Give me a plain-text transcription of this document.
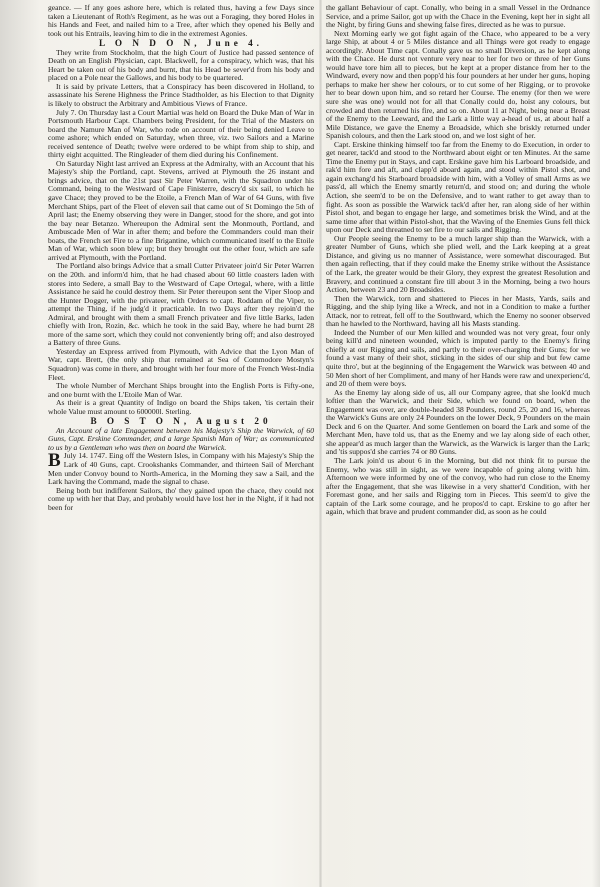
geance. — If any goes ashore here, which is related thus, having a few Days since taken a Lieutenant of Roth's Regiment, as he was out a Foraging, they bored Holes in his Hands and Feet, and nailed him to a Tree, after which they opened his Belly and took out his Entrails, leaving him to die in the extremest Agonies.

L O N D O N, June 4.

They write from Stockholm, that the high Court of Justice had passed sentence of Death on an English Physician, capt. Blackwell, for a conspiracy, which was, that his Heart be taken out of his body and burnt, that his Head be sever'd from his body and placed on a Pole near the Gallows, and his body to be quartered.

It is said by private Letters, that a Conspiracy has been discovered in Holland, to assassinate his Serene Highness the Prince Stadtholder, as his Election to that Dignity is likely to obstruct the Arbitrary and Ambitious Views of France.

July 7. On Thursday last a Court Martial was held on Board the Duke Man of War in Portsmouth Harbour Capt. Chambers being President, for the Trial of the Masters on board the Namure Man of War, who rode on account of their being denied Leave to come ashore; which ended on Saturday, when three, viz. two Sailors and a Marine received sentence of Death; twelve were ordered to be whipt from ship to ship, and thirty eight acquitted. The Ringleader of them died during his Confinement.

On Saturday Night last arrived an Express at the Admiralty, with an Account that his Majesty's ship the Portland, capt. Stevens, arrived at Plymouth the 26 instant and brings advice, that on the 21st past Sir Peter Warren, with the Squadron under his Command, being to the Westward of Cape Finisterre, descry'd six sail, to which he gave Chace; they proved to be the Etoile, a French Man of War of 64 Guns, with five Merchant Ships, part of the Fleet of eleven sail that came out of St Domingo the 5th of April last; the Enemy observing they were in Danger, stood for the shore, and got into the bay near Betanzo. Whereupon the Admiral sent the Monmouth, Portland, and Ambuscade Men of War in after them; and before the Commanders could man their boats, the French set Fire to a fine Brigantine, which communicated itself to the Etoile Man of War, which soon blew up; but they brought out the other four, which are safe arrived at Plymouth, with the Portland.

The Portland also brings Advice that a small Cutter Privateer join'd Sir Peter Warren on the 20th. and inform'd him, that he had chased about 60 little coasters laden with stores into Sedere, a small Bay to the Westward of Cape Ortegal, where, with a little Assistance he said he could destroy them. Sir Peter thereupon sent the Viper Sloop and the Hunter Dogger, with the privateer, with Orders to capt. Roddam of the Viper, to attempt the Thing, if he judg'd it practicable. In two Days after they rejoin'd the Admiral, and brought with them a small French privateer and five little Barks, laden chiefly with Iron, Rozin, &c. which he took in the said Bay, where he had burnt 28 more of the same sort, which they could not conveniently bring off; and also destroyed a Battery of three Guns.

Yesterday an Express arrived from Plymouth, with Advice that the Lyon Man of War, capt. Brett, (the only ship that remained at Sea of Commodore Mostyn's Squadron) was come in there, and brought with her four more of the French West-India Fleet.

The whole Number of Merchant Ships brought into the English Ports is Fifty-one, and one burnt with the L'Etoile Man of War.

As their is a great Quantity of Indigo on board the Ships taken, 'tis certain their whole Value must amount to 600000l. Sterling.

B O S T O N, August 20

An Account of a late Engagement between his Majesty's Ship the Warwick, of 60 Guns, Capt. Erskine Commander, and a large Spanish Man of War; as communicated to us by a Gentleman who was then on board the Warwick.

B July 14. 1747. Eing off the Western Isles, in Company with his Majesty's Ship the Lark of 40 Guns, capt. Crookshanks Commander, and thirteen Sail of Merchant Men under Convoy bound to North-America, in the Morning they saw a Sail, and the Lark having the Command, made the signal to chase.

Being both but indifferent Sailors, tho' they gained upon the chace, they could not come up with her that Day, and probably would have lost her in the Night, if it had not been for

the gallant Behaviour of capt. Conally, who being in a small Vessel in the Ordnance Service, and a prime Sailor, got up with the Chace in the Evening, kept her in sight all the Night, by firing Guns and shewing false fires, directed as he was to pursue.

Next Morning early we got fight again of the Chace, who appeared to be a very large Ship, at about 4 or 5 Miles distance and all Things were got ready to engage accordingly. About Time capt. Conally gave us no small Diversion, as he kept along with the Chace. He durst not venture very near to her for two or three of her Guns would have tore him all to pieces, but he kept at a proper distance from her to the Windward, every now and then popp'd his four pounders at her under her guns, hoping perhaps to make her shew her colours, or to cut some of her Rigging, or to provoke her to bear down upon him, and so retard her Course. The enemy (for then we were sure she was one) would not for all that Conally could do, hoist any colours, but crowded and then returned his fire, and so on. About 11 at Night, being near a Breast of the Enemy to the Leeward, and the Lark a little way a-head of us, at about half a Mile Distance, we gave the Enemy a Broadside, which she briskly returned under Spanish colours, and then the Lark stood on, and we lost sight of her.

Capt. Erskine thinking himself too far from the Enemy to do Execution, in order to get nearer, tack'd and stood to the Northward about eight or ten Minutes. At the same Time the Enemy put in Stays, and capt. Erskine gave him his Larboard broadside, and rak'd him fore and aft, and clapp'd aboard again, and stood within Pistol shot, and again exchang'd his Starboard broadside with him, with a Volley of small Arms as we pass'd, all which the Enemy smartly return'd, and stood on; and during the whole Action, she seem'd to be on the Defensive, and to want rather to get away than to fight. As soon as possible the Warwick tack'd after her, ran along side of her within Pistol shot, and began to engage her large, and sometimes brisk the Wind, and at the same time after that within Pistol-shot, that the Waving of the Enemies Guns fell thick upon our Deck and threatned to set fire to our sails and Rigging.

Our People seeing the Enemy to be a much larger ship than the Warwick, with a greater Number of Guns, which she plied well, and the Lark keeping at a great Distance, and giving us no manner of Assistance, were somewhat discouraged. But then again reflecting, that if they could make the Enemy strike without the Assistance of the Lark, the greater would be their Glory, they exprest the greatest Resolution and Bravery, and continued a constant fire till about 3 in the Morning, being a two hours Action, between 23 and 20 Broadsides.

Then the Warwick, torn and shattered to Pieces in her Masts, Yards, sails and Rigging, and the ship lying like a Wreck, and not in a Condition to make a further Attack, nor to retreat, fell off to the Southward, which the Enemy no sooner observed than he hawled to the Northward, having all his Masts standing.

Indeed the Number of our Men killed and wounded was not very great, four only being kill'd and nineteen wounded, which is imputed partly to the Enemy's firing chiefly at our Rigging and sails, and partly to their over-charging their Guns; for we found a vast many of their shot, sticking in the sides of our ship and but few came quite thro', but at the beginning of the Engagement the Warwick was between 40 and 50 Men short of her Compliment, and many of her Hands were raw and unexperienc'd, and 20 of them were boys.

As the Enemy lay along side of us, all our Company agree, that she look'd much loftier than the Warwick, and their Side, which we found on board, when the Engagement was over, are double-headed 38 Pounders, round 25, 20 and 16, whereas the Warwick's Guns are only 24 Pounders on the lower Deck, 9 Pounders on the main Deck and 6 on the Quarter. And some Gentlemen on board the Lark and some of the Merchant Men, have told us, that as the Enemy and we lay along side of each other, she appear'd as much larger than the Warwick, as the Warwick is larger than the Lark; and 'tis suppos'd she carries 74 or 80 Guns.

The Lark join'd us about 6 in the Morning, but did not think fit to pursue the Enemy, who was still in sight, as we were incapable of going along with him. Afternoon we were informed by one of the convoy, who had run close to the Enemy after the Engagement, that she was likewise in a very shatter'd Condition, with her Foremast gone, and her sails and Rigging torn in Pieces. This seem'd to give the captain of the Lark some courage, and he propos'd to capt. Erskine to go after her again, which that brave and prudent commander did, as soon as he could
